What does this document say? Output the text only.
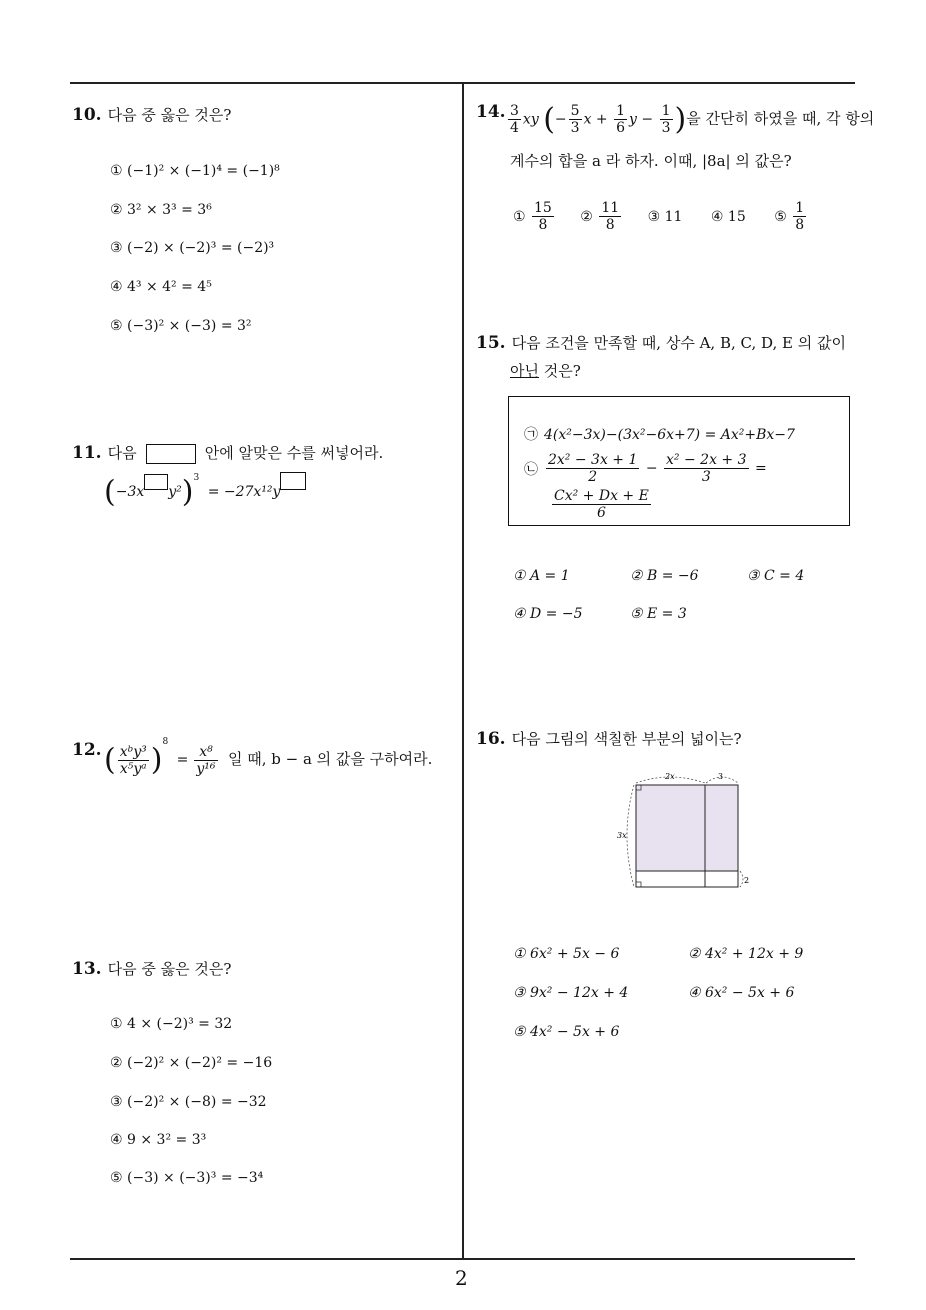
2
10. 다음 중 옳은 것은?
① (−1)² × (−1)⁴ = (−1)⁸
② 3² × 3³ = 3⁶
③ (−2) × (−2)³ = (−2)³
④ 4³ × 4² = 4⁵
⑤ (−3)² × (−3) = 3²
11. 다음	안에 알맞은 수를 써넣어라.
(−3x y²)$^3$ = −27x¹²y
12. ( $\frac{\text{xᵇy³}}{\text{x⁵yᵃ}} )^8 = \frac{\text{x⁸}}{\text{y¹⁶}}$ 일 때, b − a 의 값을 구하여라.
13. 다음 중 옳은 것은?
① 4 × (−2)³ = 32
② (−2)² × (−2)² = −16
③ (−2)² × (−8) = −32
④ 9 × 3² = 3³
⑤ (−3) × (−3)³ = −3⁴
14. $\frac{3}{4}$ xy (− $\frac{5}{3}$ $x + \frac{1}{6}$ $y - \frac{1}{3}$ )을 간단히 하였을 때, 각 항의
계수의 합을 a 라 하자. 이때, |8a| 의 값은?
① $\frac{15}{8}$ ② $\frac{11}{8}$ ③ 11 ④ 15 ⑤ $\frac{1}{8}$
15. 다음 조건을 만족할 때, 상수 A, B, C, D, E 의 값이
아닌 것은?
㉠ 4(x²−3x)−(3x²−6x+7) = Ax²+Bx−7
㉡ $\frac{\text{2x² − 3x + 1}}{2} - \frac{\text{x² − 2x + 3}}{3}$ =
$\frac{\text{Cx² + Dx + E}}{6}$
① A = 1	② B = −6	③ C = 4
④ D = −5	⑤ E = 3
16. 다음 그림의 색칠한 부분의 넓이는?
2x	3
3x
2
① 6x² + 5x − 6	② 4x² + 12x + 9
③ 9x² − 12x + 4	④ 6x² − 5x + 6
⑤ 4x² − 5x + 6
